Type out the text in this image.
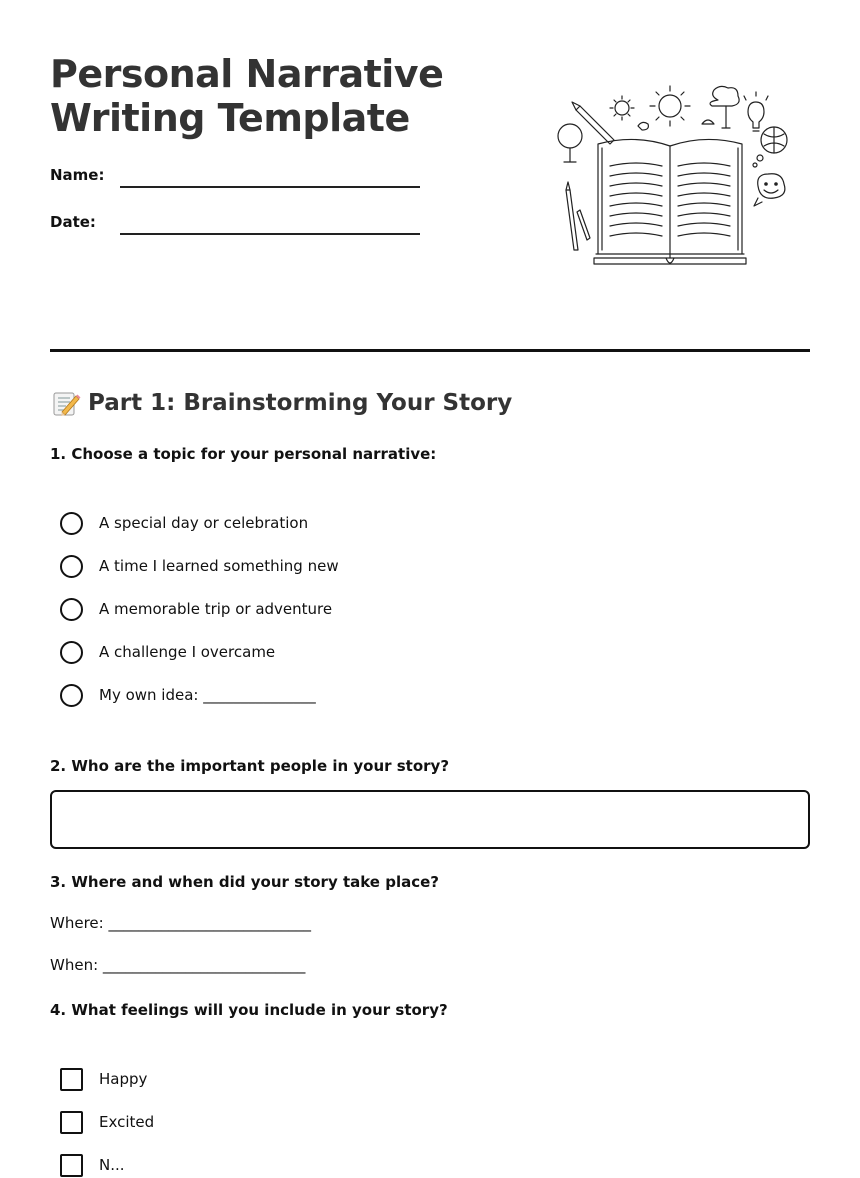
Personal Narrative
Writing Template
Name:
Date:
Part 1: Brainstorming Your Story
1. Choose a topic for your personal narrative:
A special day or celebration
A time I learned something new
A memorable trip or adventure
A challenge I overcame
My own idea: _______________
2. Who are the important people in your story?
3. Where and when did your story take place?
Where: ___________________________
When: ___________________________
4. What feelings will you include in your story?
Happy
Excited
N...
